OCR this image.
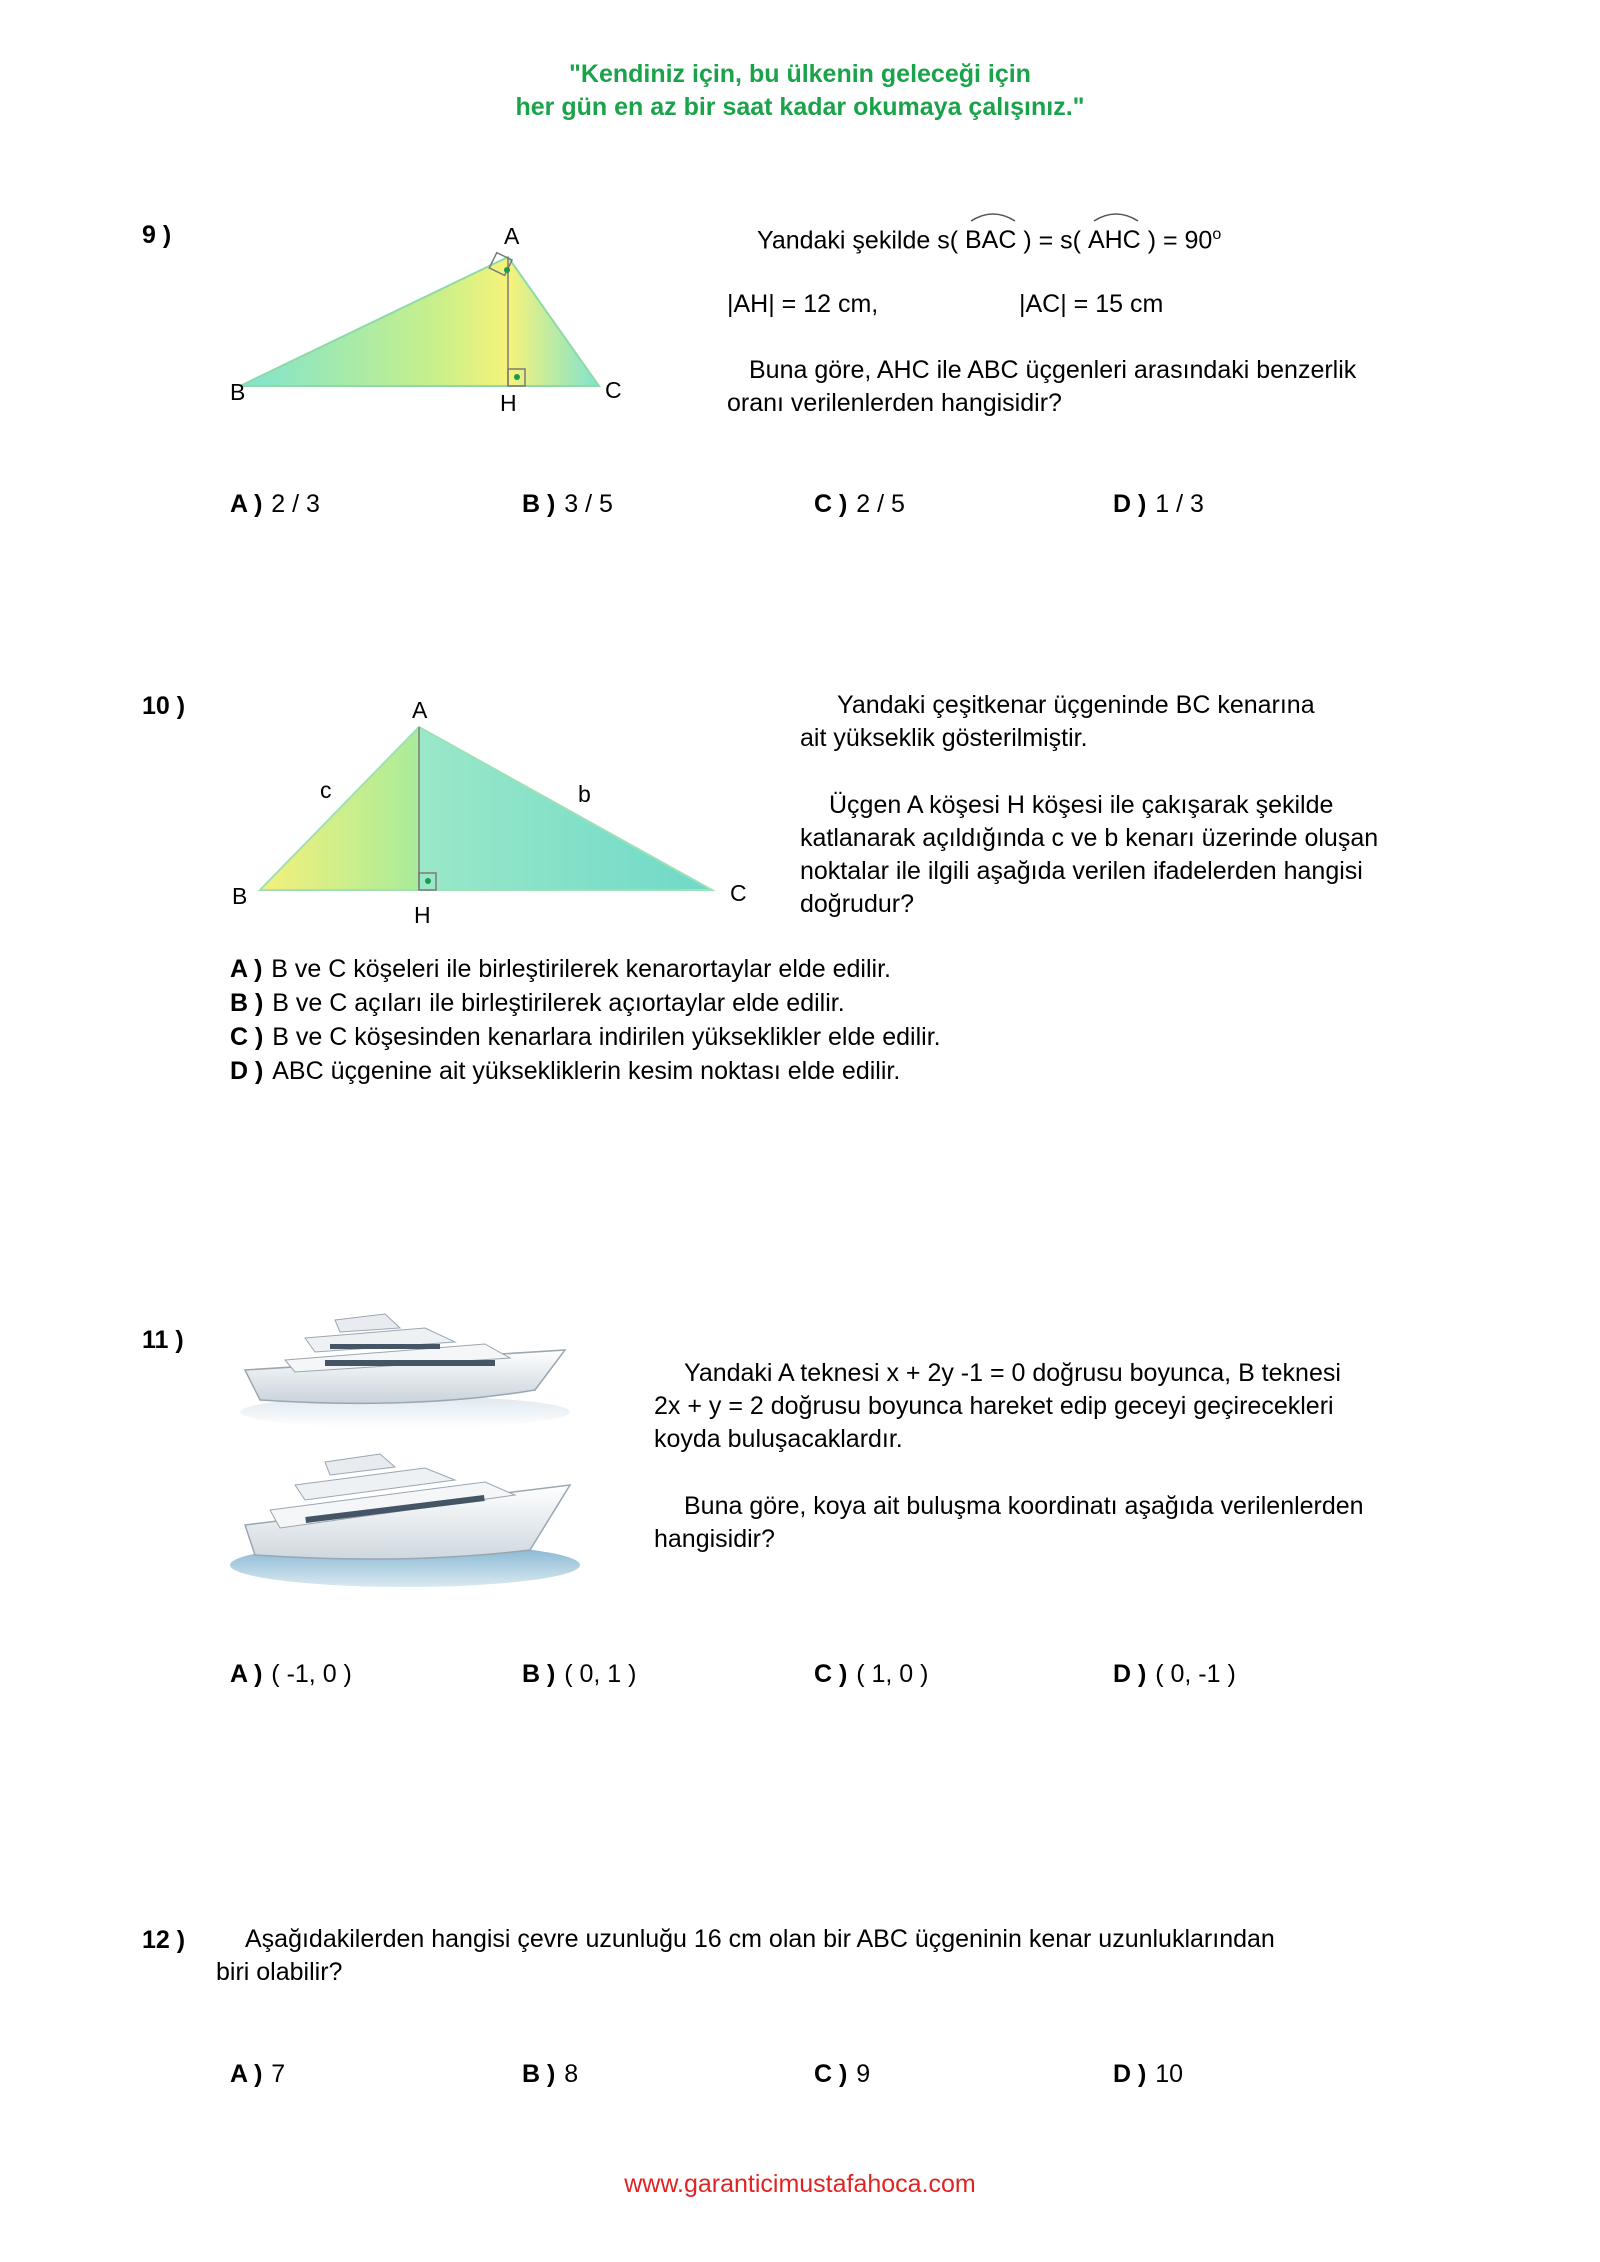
"Kendiniz için, bu ülkenin geleceği için
her gün en az bir saat kadar okumaya çalışınız."
9 )	A
B	C
H
Yandaki şekilde s( BAC ) = s( AHC ) = $90^o$
|AH| = 12 cm,	|AC| = 15 cm
Buna göre, AHC ile ABC üçgenleri arasındaki benzerlik
oranı verilenlerden hangisidir?
A ) 2 / 3	B ) 3 / 5	C ) 2 / 5	D ) 1 / 3
10 )	A
B	C
H
c	b
Yandaki çeşitkenar üçgeninde BC kenarına
ait yükseklik gösterilmiştir.
Üçgen A köşesi H köşesi ile çakışarak şekilde
katlanarak açıldığında c ve b kenarı üzerinde oluşan
noktalar ile ilgili aşağıda verilen ifadelerden hangisi
doğrudur?
A ) B ve C köşeleri ile birleştirilerek kenarortaylar elde edilir.
B ) B ve C açıları ile birleştirilerek açıortaylar elde edilir.
C ) B ve C köşesinden kenarlara indirilen yükseklikler elde edilir.
D ) ABC üçgenine ait yüksekliklerin kesim noktası elde edilir.
11 )
Yandaki A teknesi x + 2y -1 = 0 doğrusu boyunca, B teknesi
2x + y = 2 doğrusu boyunca hareket edip geceyi geçirecekleri
koyda buluşacaklardır.
Buna göre, koya ait buluşma koordinatı aşağıda verilenlerden
hangisidir?
A ) ( -1, 0 )	B ) ( 0, 1 )	C ) ( 1, 0 )	D ) ( 0, -1 )
12 ) Aşağıdakilerden hangisi çevre uzunluğu 16 cm olan bir ABC üçgeninin kenar uzunluklarından
biri olabilir?
A ) 7	B ) 8	C ) 9	D ) 10
www.garanticimustafahoca.com
